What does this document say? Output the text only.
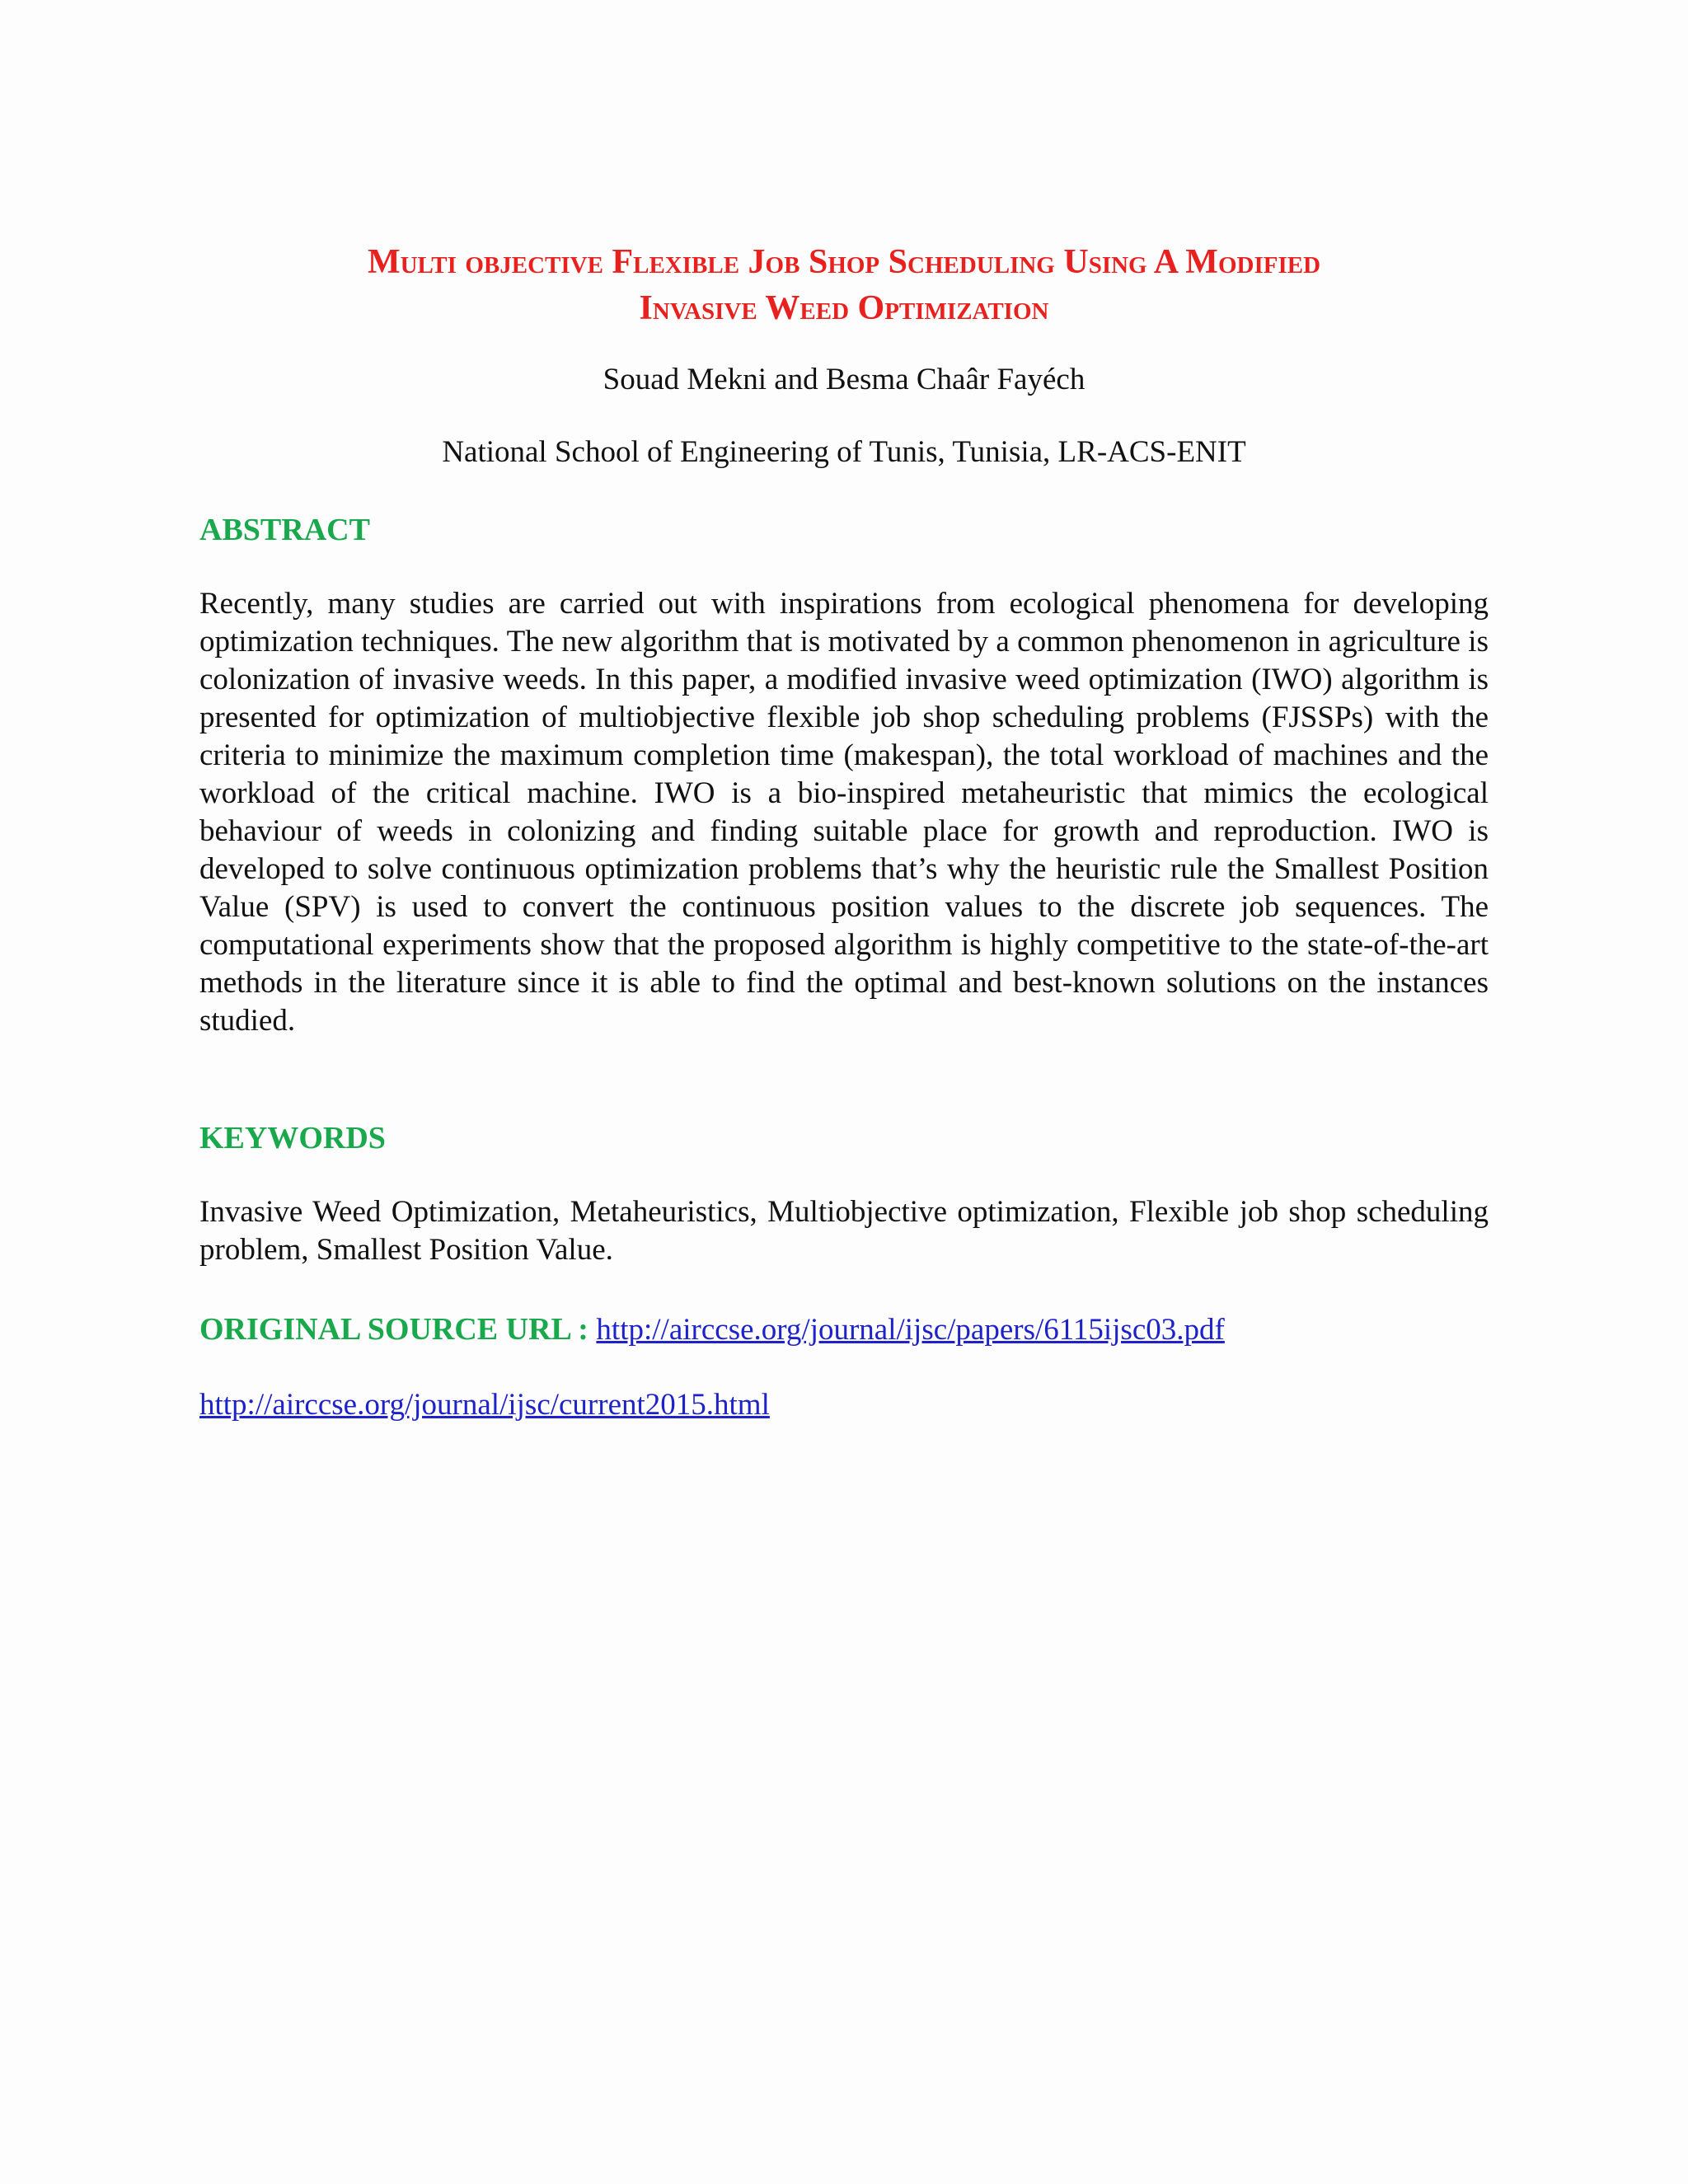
Multi objective Flexible Job Shop Scheduling Using A Modified
Invasive Weed Optimization

Souad Mekni and Besma Chaâr Fayéch

National School of Engineering of Tunis, Tunisia, LR-ACS-ENIT

ABSTRACT

Recently, many studies are carried out with inspirations from ecological phenomena for developing optimization techniques. The new algorithm that is motivated by a common phenomenon in agriculture is colonization of invasive weeds. In this paper, a modified invasive weed optimization (IWO) algorithm is presented for optimization of multiobjective flexible job shop scheduling problems (FJSSPs) with the criteria to minimize the maximum completion time (makespan), the total workload of machines and the workload of the critical machine. IWO is a bio-inspired metaheuristic that mimics the ecological behaviour of weeds in colonizing and finding suitable place for growth and reproduction. IWO is developed to solve continuous optimization problems that’s why the heuristic rule the Smallest Position Value (SPV) is used to convert the continuous position values to the discrete job sequences. The computational experiments show that the proposed algorithm is highly competitive to the state-of-the-art methods in the literature since it is able to find the optimal and best-known solutions on the instances studied.

KEYWORDS

Invasive Weed Optimization, Metaheuristics, Multiobjective optimization, Flexible job shop scheduling problem, Smallest Position Value.

ORIGINAL SOURCE URL : http://airccse.org/journal/ijsc/papers/6115ijsc03.pdf

http://airccse.org/journal/ijsc/current2015.html
